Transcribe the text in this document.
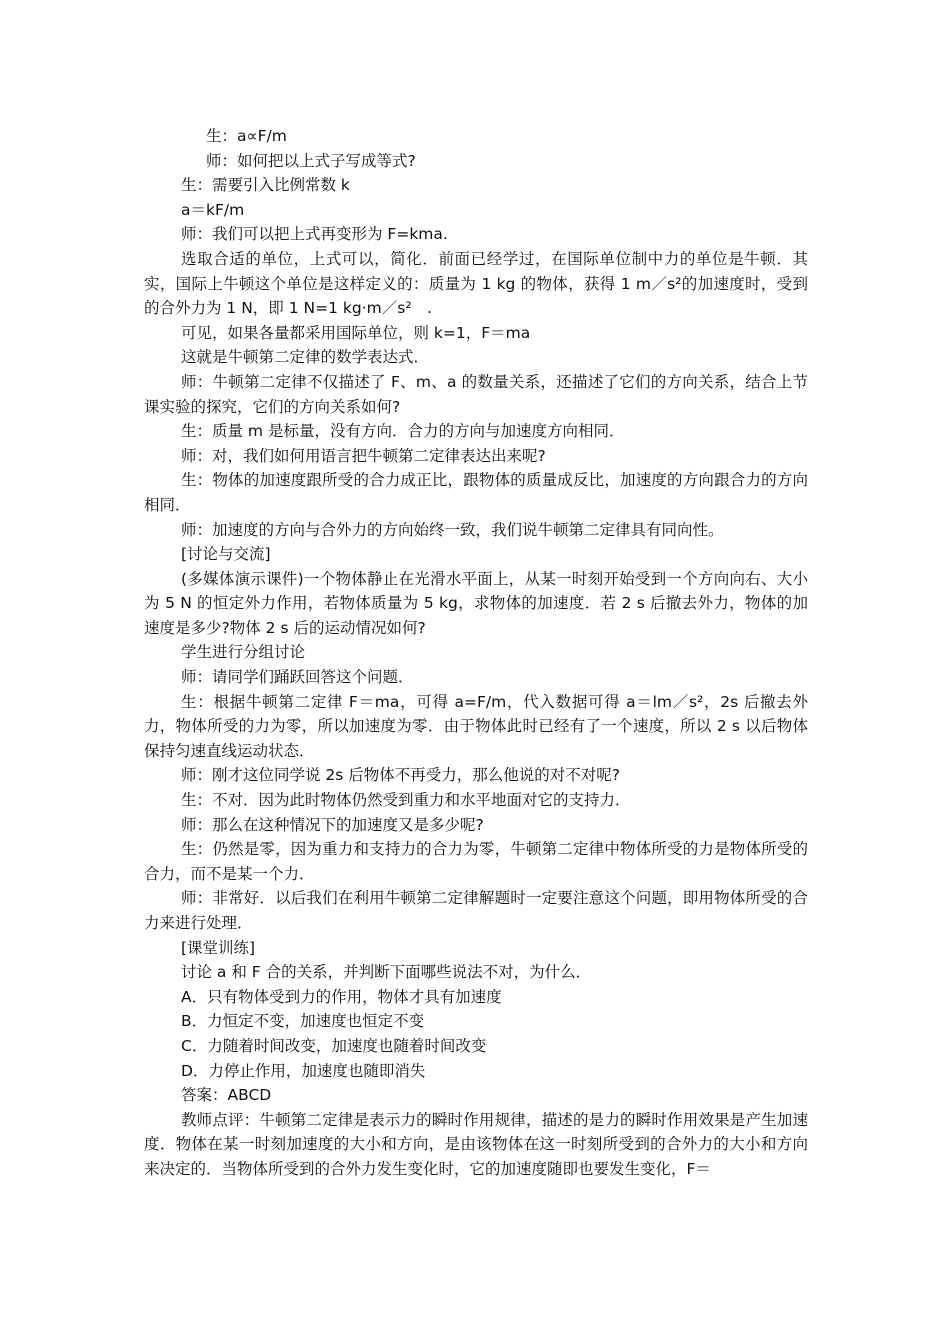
生：a∝F/m

师：如何把以上式子写成等式?

生：需要引入比例常数 k

a＝kF/m

师：我们可以把上式再变形为 F=kma.

选取合适的单位，上式可以，简化．前面已经学过，在国际单位制中力的单位是牛顿．其实，国际上牛顿这个单位是这样定义的：质量为 1 kg 的物体，获得 1 m／s²的加速度时，受到的合外力为 1 N，即 1 N=1 kg·m／s²　.

可见，如果各量都采用国际单位，则 k=1，F＝ma

这就是牛顿第二定律的数学表达式．

师：牛顿第二定律不仅描述了 F、m、a 的数量关系，还描述了它们的方向关系，结合上节课实验的探究，它们的方向关系如何?

生：质量 m 是标量，没有方向．合力的方向与加速度方向相同．

师：对，我们如何用语言把牛顿第二定律表达出来呢?

生：物体的加速度跟所受的合力成正比，跟物体的质量成反比，加速度的方向跟合力的方向相同．

师：加速度的方向与合外力的方向始终一致，我们说牛顿第二定律具有同向性。

[讨论与交流]

(多媒体演示课件)一个物体静止在光滑水平面上，从某一时刻开始受到一个方向向右、大小为 5 N 的恒定外力作用，若物体质量为 5 kg，求物体的加速度．若 2 s 后撤去外力，物体的加速度是多少?物体 2 s 后的运动情况如何?

学生进行分组讨论

师：请同学们踊跃回答这个问题．

生：根据牛顿第二定律 F＝ma，可得 a=F/m，代入数据可得 a＝lm／s²，2s 后撤去外力，物体所受的力为零，所以加速度为零．由于物体此时已经有了一个速度，所以 2 s 以后物体保持匀速直线运动状态．

师：刚才这位同学说 2s 后物体不再受力，那么他说的对不对呢?

生：不对．因为此时物体仍然受到重力和水平地面对它的支持力．

师：那么在这种情况下的加速度又是多少呢?

生：仍然是零，因为重力和支持力的合力为零，牛顿第二定律中物体所受的力是物体所受的合力，而不是某一个力．

师：非常好．以后我们在利用牛顿第二定律解题时一定要注意这个问题，即用物体所受的合力来进行处理．

[课堂训练]

讨论 a 和 F 合的关系，并判断下面哪些说法不对，为什么．

A．只有物体受到力的作用，物体才具有加速度

B．力恒定不变，加速度也恒定不变

C．力随着时间改变，加速度也随着时间改变

D．力停止作用，加速度也随即消失

答案：ABCD

教师点评：牛顿第二定律是表示力的瞬时作用规律，描述的是力的瞬时作用效果是产生加速度．物体在某一时刻加速度的大小和方向，是由该物体在这一时刻所受到的合外力的大小和方向来决定的．当物体所受到的合外力发生变化时，它的加速度随即也要发生变化，F＝
